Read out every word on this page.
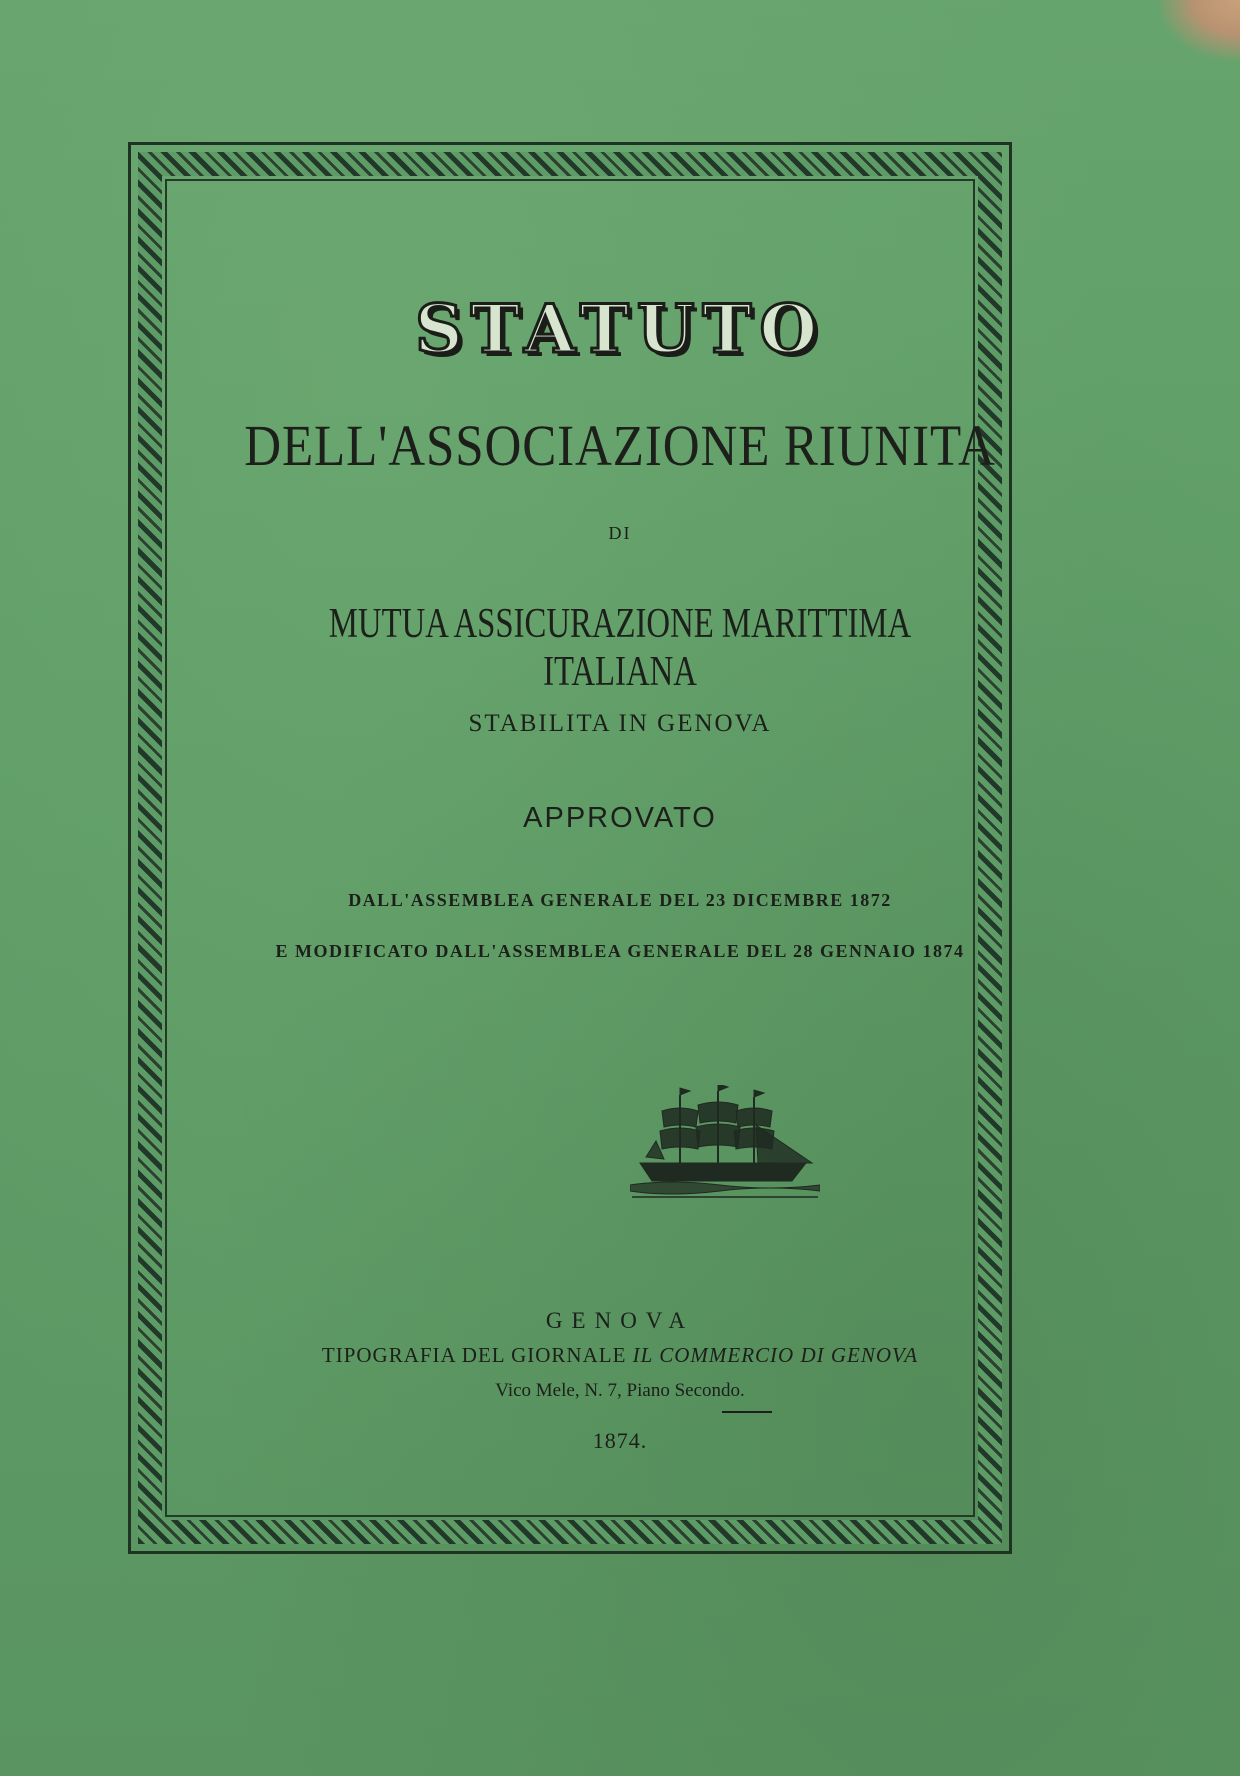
STATUTO
DELL'ASSOCIAZIONE RIUNITA
DI
MUTUA ASSICURAZIONE MARITTIMA ITALIANA
STABILITA IN GENOVA
APPROVATO
DALL'ASSEMBLEA GENERALE DEL 23 DICEMBRE 1872
E MODIFICATO DALL'ASSEMBLEA GENERALE DEL 28 GENNAIO 1874
GENOVA
TIPOGRAFIA DEL GIORNALE IL COMMERCIO DI GENOVA
Vico Mele, N. 7, Piano Secondo.
1874.
